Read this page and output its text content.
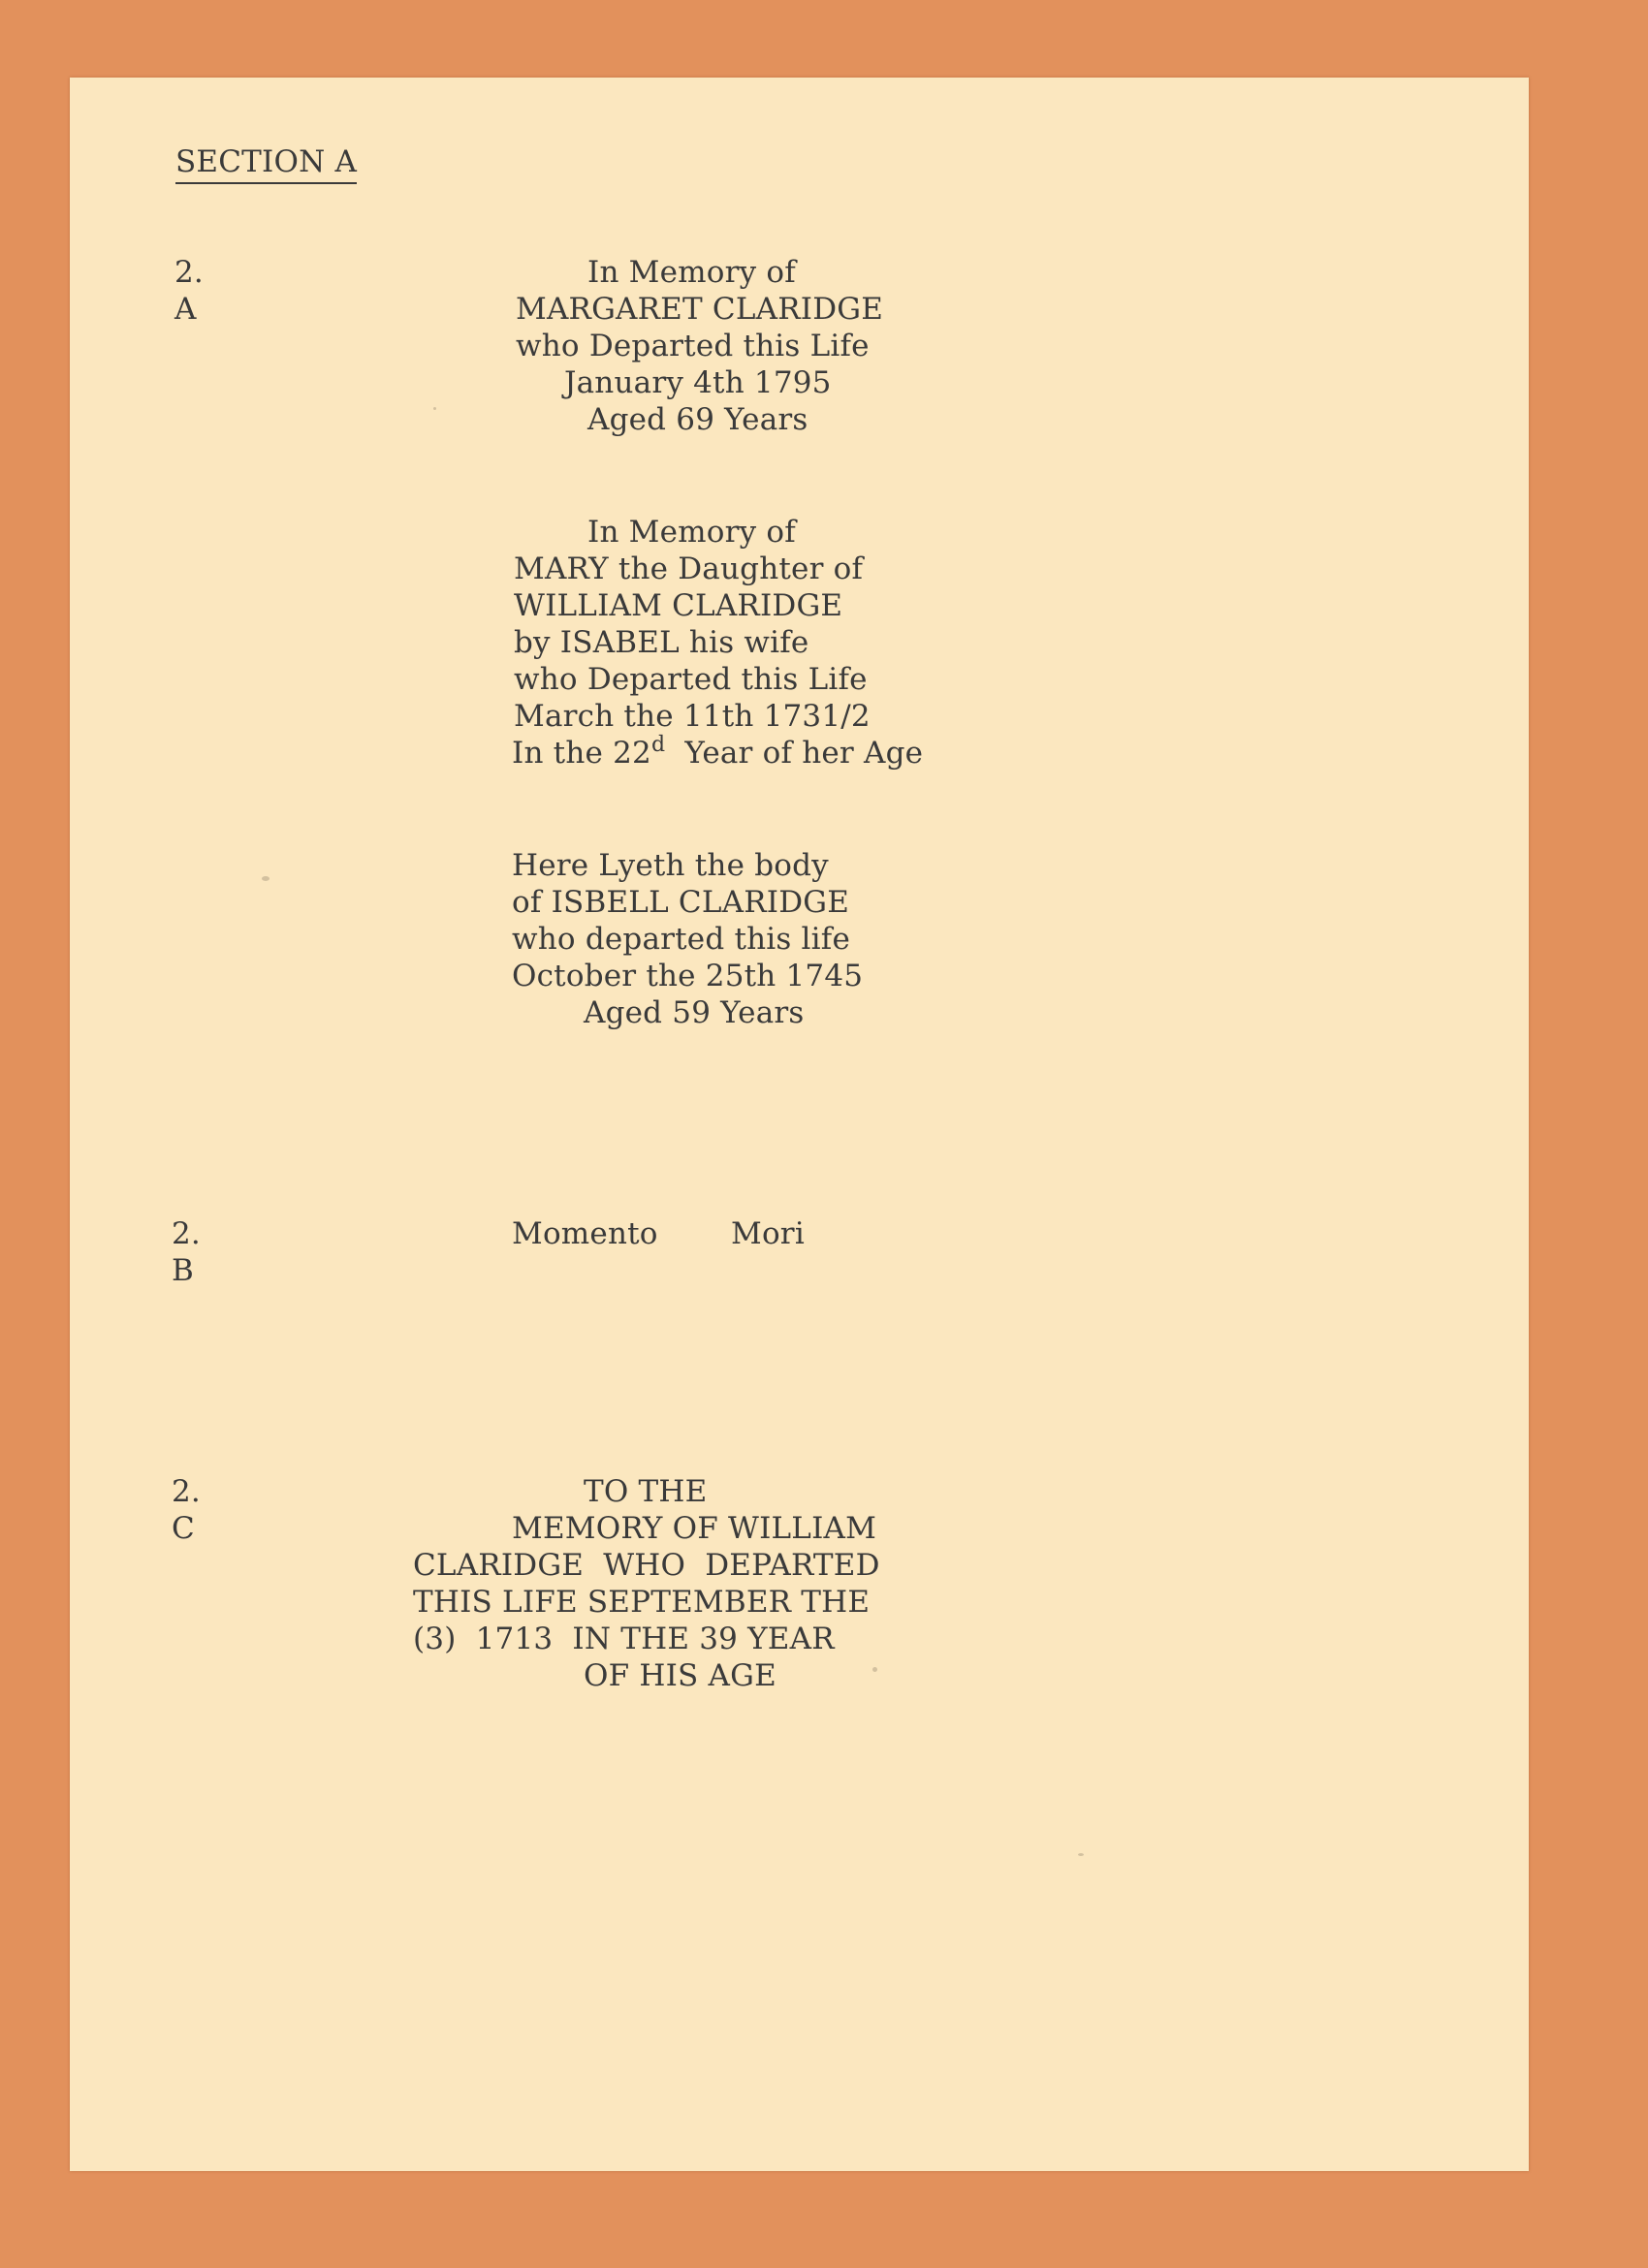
SECTION A
2.
A
In Memory of
MARGARET CLARIDGE
who Departed this Life
January 4th 1795
Aged 69 Years
In Memory of
MARY the Daughter of
WILLIAM CLARIDGE
by ISABEL his wife
who Departed this Life
March the 11th 1731/2
In the 22$^d$ Year of her Age
Here Lyeth the body
of ISBELL CLARIDGE
who departed this life
October the 25th 1745
Aged 59 Years
2.
B
Momento Mori
2.
C
TO THE
MEMORY OF WILLIAM
CLARIDGE  WHO  DEPARTED
THIS LIFE SEPTEMBER THE
(3)  1713  IN THE 39 YEAR
OF HIS AGE
